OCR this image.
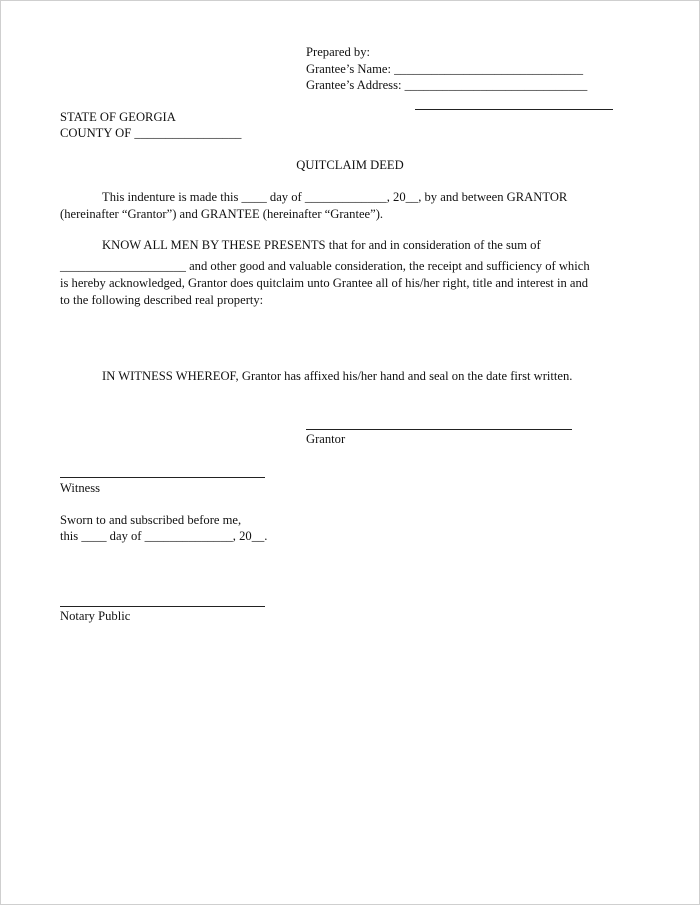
Prepared by:
Grantee’s Name: ______________________________
Grantee’s Address: _____________________________
STATE OF GEORGIA
COUNTY OF _________________
QUITCLAIM DEED
This indenture is made this ____ day of _____________, 20__, by and between GRANTOR
(hereinafter “Grantor”) and GRANTEE (hereinafter “Grantee”).
KNOW ALL MEN BY THESE PRESENTS that for and in consideration of the sum of
____________________ and other good and valuable consideration, the receipt and sufficiency of which
is hereby acknowledged, Grantor does quitclaim unto Grantee all of his/her right, title and interest in and
to the following described real property:
IN WITNESS WHEREOF, Grantor has affixed his/her hand and seal on the date first written.
Grantor
Witness
Sworn to and subscribed before me,
this ____ day of ______________, 20__.
Notary Public
